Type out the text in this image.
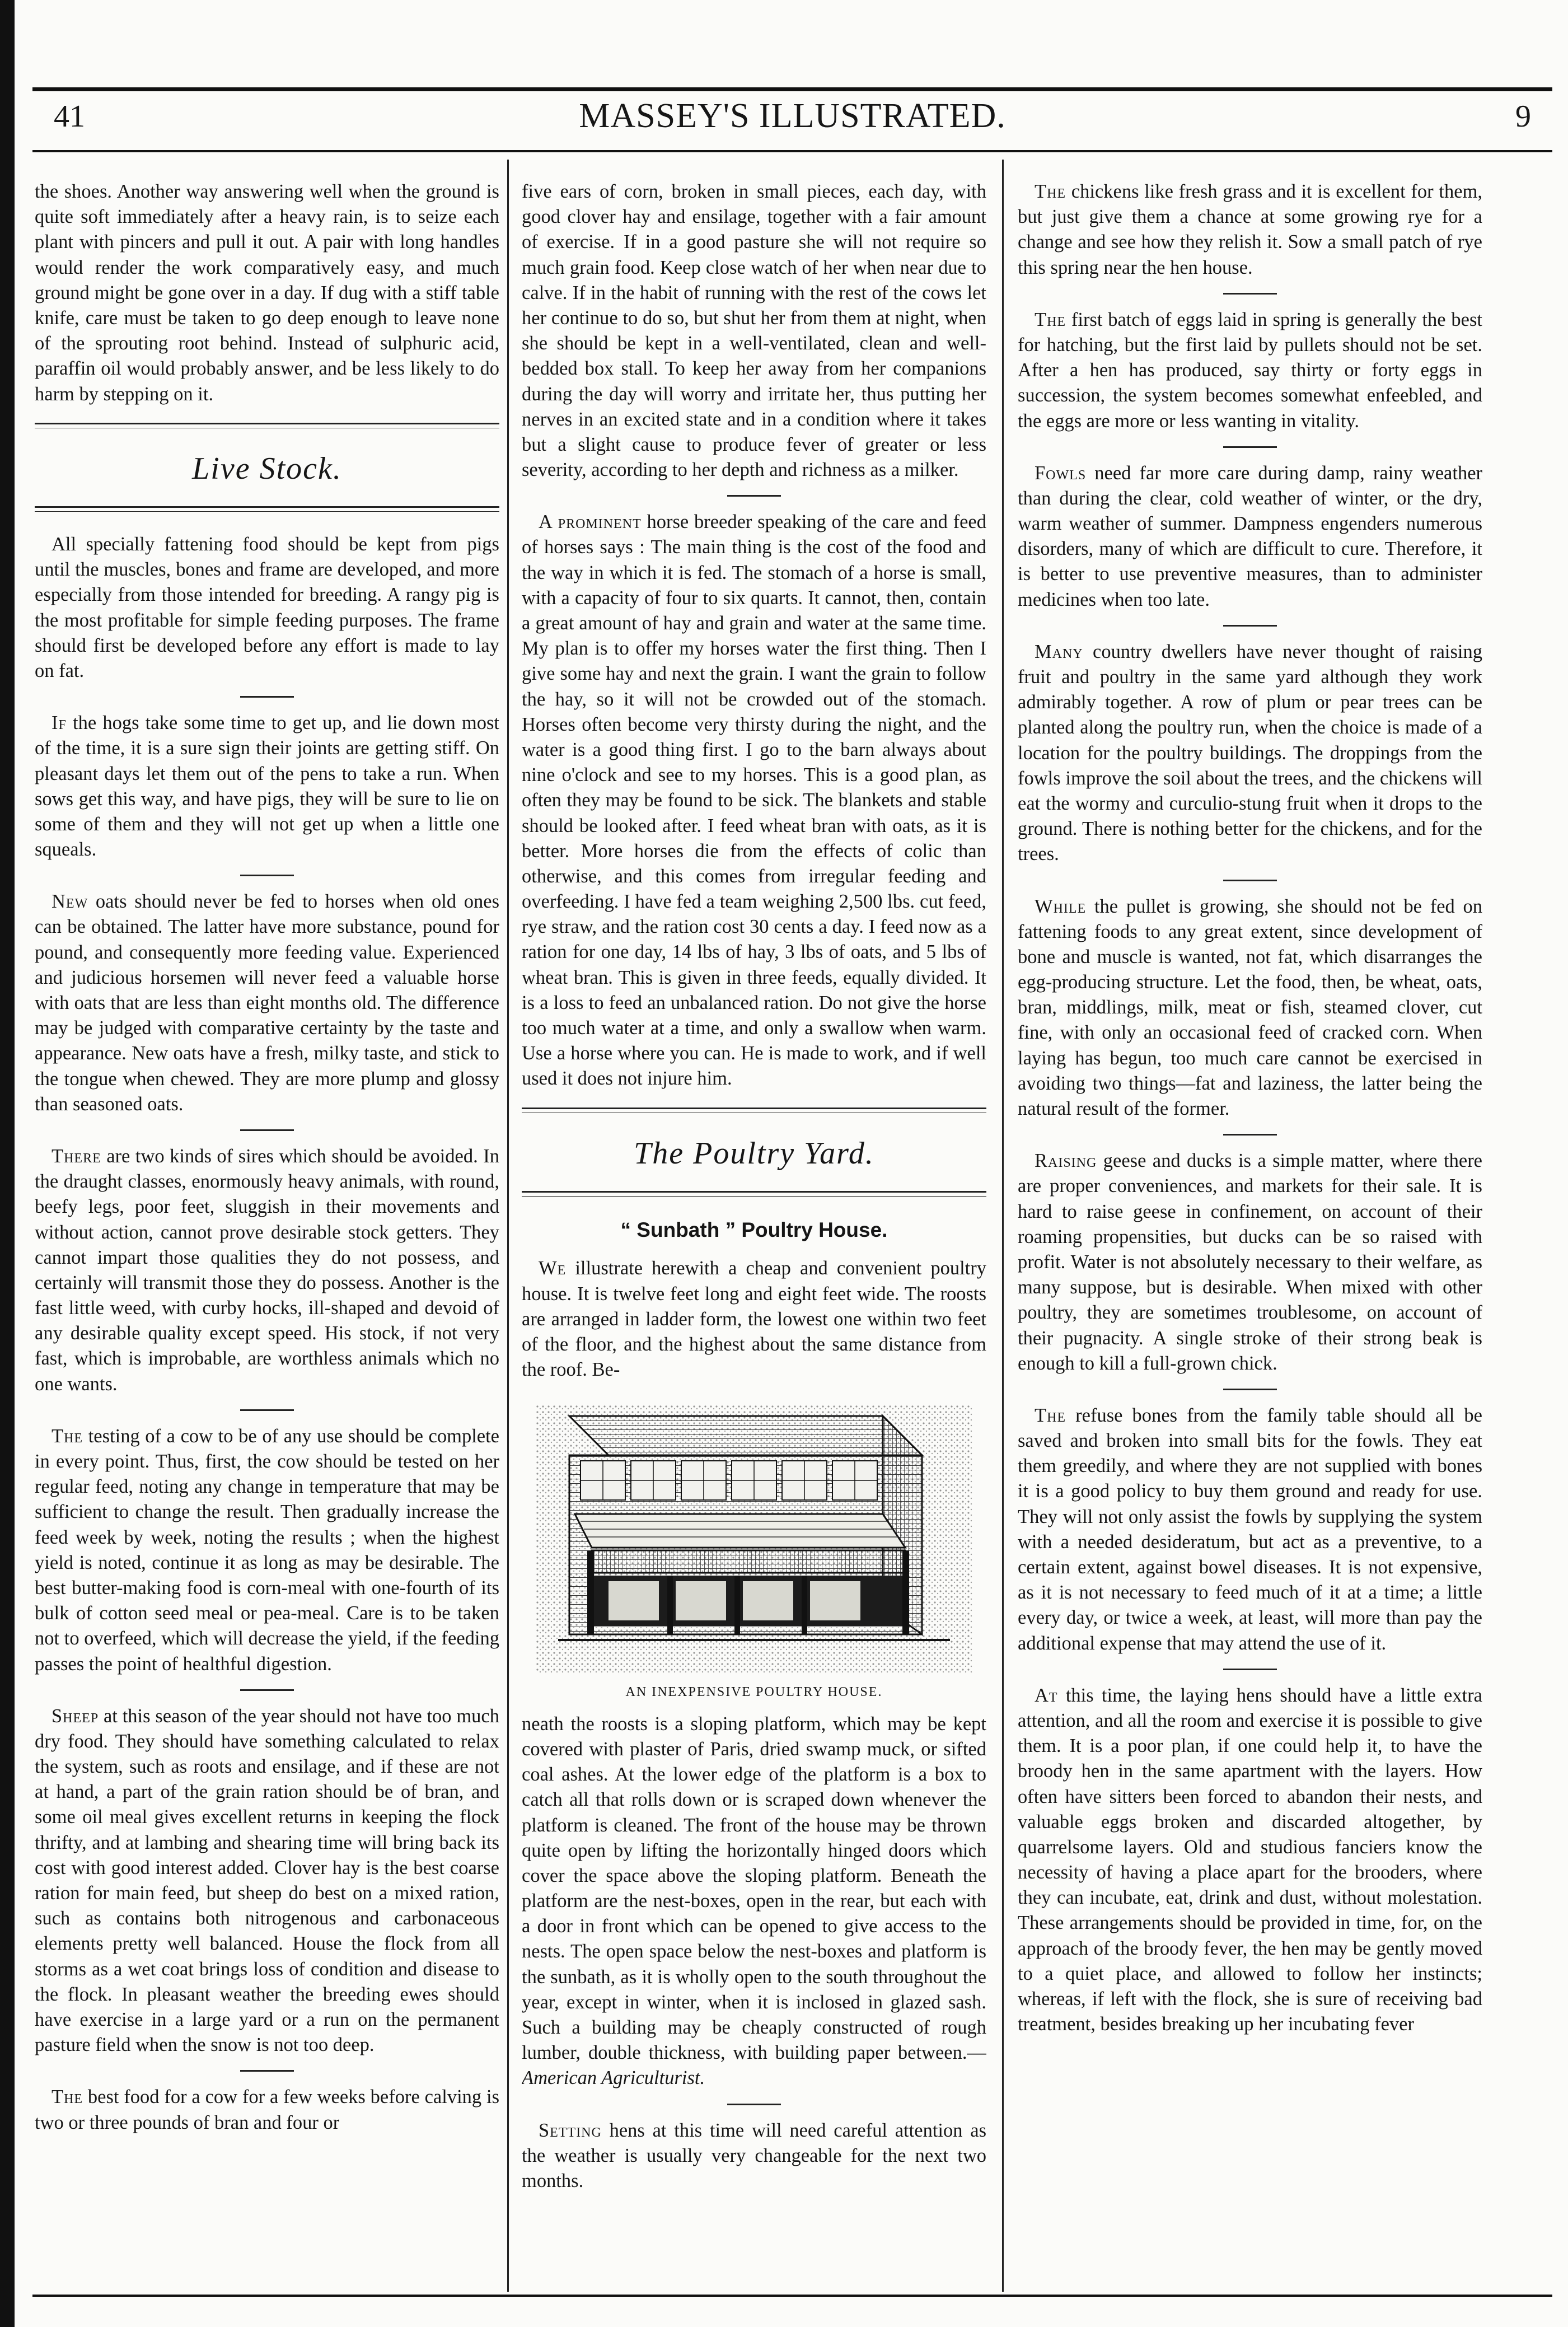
41	MASSEY'S ILLUSTRATED.	9

the shoes. Another way answering well when the ground is quite soft immediately after a heavy rain, is to seize each plant with pincers and pull it out. A pair with long handles would render the work comparatively easy, and much ground might be gone over in a day. If dug with a stiff table knife, care must be taken to go deep enough to leave none of the sprouting root behind. Instead of sulphuric acid, paraffin oil would probably answer, and be less likely to do harm by stepping on it.

Live Stock.

All specially fattening food should be kept from pigs until the muscles, bones and frame are developed, and more especially from those intended for breeding. A rangy pig is the most profitable for simple feeding purposes. The frame should first be developed before any effort is made to lay on fat.

If the hogs take some time to get up, and lie down most of the time, it is a sure sign their joints are getting stiff. On pleasant days let them out of the pens to take a run. When sows get this way, and have pigs, they will be sure to lie on some of them and they will not get up when a little one squeals.

New oats should never be fed to horses when old ones can be obtained. The latter have more substance, pound for pound, and consequently more feeding value. Experienced and judicious horsemen will never feed a valuable horse with oats that are less than eight months old. The difference may be judged with comparative certainty by the taste and appearance. New oats have a fresh, milky taste, and stick to the tongue when chewed. They are more plump and glossy than seasoned oats.

There are two kinds of sires which should be avoided. In the draught classes, enormously heavy animals, with round, beefy legs, poor feet, sluggish in their movements and without action, cannot prove desirable stock getters. They cannot impart those qualities they do not possess, and certainly will transmit those they do possess. Another is the fast little weed, with curby hocks, ill-shaped and devoid of any desirable quality except speed. His stock, if not very fast, which is improbable, are worthless animals which no one wants.

The testing of a cow to be of any use should be complete in every point. Thus, first, the cow should be tested on her regular feed, noting any change in temperature that may be sufficient to change the result. Then gradually increase the feed week by week, noting the results ; when the highest yield is noted, continue it as long as may be desirable. The best butter-making food is corn-meal with one-fourth of its bulk of cotton seed meal or pea-meal. Care is to be taken not to overfeed, which will decrease the yield, if the feeding passes the point of healthful digestion.

Sheep at this season of the year should not have too much dry food. They should have something calculated to relax the system, such as roots and ensilage, and if these are not at hand, a part of the grain ration should be of bran, and some oil meal gives excellent returns in keeping the flock thrifty, and at lambing and shearing time will bring back its cost with good interest added. Clover hay is the best coarse ration for main feed, but sheep do best on a mixed ration, such as contains both nitrogenous and carbonaceous elements pretty well balanced. House the flock from all storms as a wet coat brings loss of condition and disease to the flock. In pleasant weather the breeding ewes should have exercise in a large yard or a run on the permanent pasture field when the snow is not too deep.

The best food for a cow for a few weeks before calving is two or three pounds of bran and four or

five ears of corn, broken in small pieces, each day, with good clover hay and ensilage, together with a fair amount of exercise. If in a good pasture she will not require so much grain food. Keep close watch of her when near due to calve. If in the habit of running with the rest of the cows let her continue to do so, but shut her from them at night, when she should be kept in a well-ventilated, clean and well-bedded box stall. To keep her away from her companions during the day will worry and irritate her, thus putting her nerves in an excited state and in a condition where it takes but a slight cause to produce fever of greater or less severity, according to her depth and richness as a milker.

A prominent horse breeder speaking of the care and feed of horses says : The main thing is the cost of the food and the way in which it is fed. The stomach of a horse is small, with a capacity of four to six quarts. It cannot, then, contain a great amount of hay and grain and water at the same time. My plan is to offer my horses water the first thing. Then I give some hay and next the grain. I want the grain to follow the hay, so it will not be crowded out of the stomach. Horses often become very thirsty during the night, and the water is a good thing first. I go to the barn always about nine o'clock and see to my horses. This is a good plan, as often they may be found to be sick. The blankets and stable should be looked after. I feed wheat bran with oats, as it is better. More horses die from the effects of colic than otherwise, and this comes from irregular feeding and overfeeding. I have fed a team weighing 2,500 lbs. cut feed, rye straw, and the ration cost 30 cents a day. I feed now as a ration for one day, 14 lbs of hay, 3 lbs of oats, and 5 lbs of wheat bran. This is given in three feeds, equally divided. It is a loss to feed an unbalanced ration. Do not give the horse too much water at a time, and only a swallow when warm. Use a horse where you can. He is made to work, and if well used it does not injure him.

The Poultry Yard.
“ Sunbath ” Poultry House.

We illustrate herewith a cheap and convenient poultry house. It is twelve feet long and eight feet wide. The roosts are arranged in ladder form, the lowest one within two feet of the floor, and the highest about the same distance from the roof. Be-

AN INEXPENSIVE POULTRY HOUSE.

neath the roosts is a sloping platform, which may be kept covered with plaster of Paris, dried swamp muck, or sifted coal ashes. At the lower edge of the platform is a box to catch all that rolls down or is scraped down whenever the platform is cleaned. The front of the house may be thrown quite open by lifting the horizontally hinged doors which cover the space above the sloping platform. Beneath the platform are the nest-boxes, open in the rear, but each with a door in front which can be opened to give access to the nests. The open space below the nest-boxes and platform is the sunbath, as it is wholly open to the south throughout the year, except in winter, when it is inclosed in glazed sash. Such a building may be cheaply constructed of rough lumber, double thickness, with building paper between.—American Agriculturist.

Setting hens at this time will need careful attention as the weather is usually very changeable for the next two months.

The chickens like fresh grass and it is excellent for them, but just give them a chance at some growing rye for a change and see how they relish it. Sow a small patch of rye this spring near the hen house.

The first batch of eggs laid in spring is generally the best for hatching, but the first laid by pullets should not be set. After a hen has produced, say thirty or forty eggs in succession, the system becomes somewhat enfeebled, and the eggs are more or less wanting in vitality.

Fowls need far more care during damp, rainy weather than during the clear, cold weather of winter, or the dry, warm weather of summer. Dampness engenders numerous disorders, many of which are difficult to cure. Therefore, it is better to use preventive measures, than to administer medicines when too late.

Many country dwellers have never thought of raising fruit and poultry in the same yard although they work admirably together. A row of plum or pear trees can be planted along the poultry run, when the choice is made of a location for the poultry buildings. The droppings from the fowls improve the soil about the trees, and the chickens will eat the wormy and curculio-stung fruit when it drops to the ground. There is nothing better for the chickens, and for the trees.

While the pullet is growing, she should not be fed on fattening foods to any great extent, since development of bone and muscle is wanted, not fat, which disarranges the egg-producing structure. Let the food, then, be wheat, oats, bran, middlings, milk, meat or fish, steamed clover, cut fine, with only an occasional feed of cracked corn. When laying has begun, too much care cannot be exercised in avoiding two things—fat and laziness, the latter being the natural result of the former.

Raising geese and ducks is a simple matter, where there are proper conveniences, and markets for their sale. It is hard to raise geese in confinement, on account of their roaming propensities, but ducks can be so raised with profit. Water is not absolutely necessary to their welfare, as many suppose, but is desirable. When mixed with other poultry, they are sometimes troublesome, on account of their pugnacity. A single stroke of their strong beak is enough to kill a full-grown chick.

The refuse bones from the family table should all be saved and broken into small bits for the fowls. They eat them greedily, and where they are not supplied with bones it is a good policy to buy them ground and ready for use. They will not only assist the fowls by supplying the system with a needed desideratum, but act as a preventive, to a certain extent, against bowel diseases. It is not expensive, as it is not necessary to feed much of it at a time; a little every day, or twice a week, at least, will more than pay the additional expense that may attend the use of it.

At this time, the laying hens should have a little extra attention, and all the room and exercise it is possible to give them. It is a poor plan, if one could help it, to have the broody hen in the same apartment with the layers. How often have sitters been forced to abandon their nests, and valuable eggs broken and discarded altogether, by quarrelsome layers. Old and studious fanciers know the necessity of having a place apart for the brooders, where they can incubate, eat, drink and dust, without molestation. These arrangements should be provided in time, for, on the approach of the broody fever, the hen may be gently moved to a quiet place, and allowed to follow her instincts; whereas, if left with the flock, she is sure of receiving bad treatment, besides breaking up her incubating fever
